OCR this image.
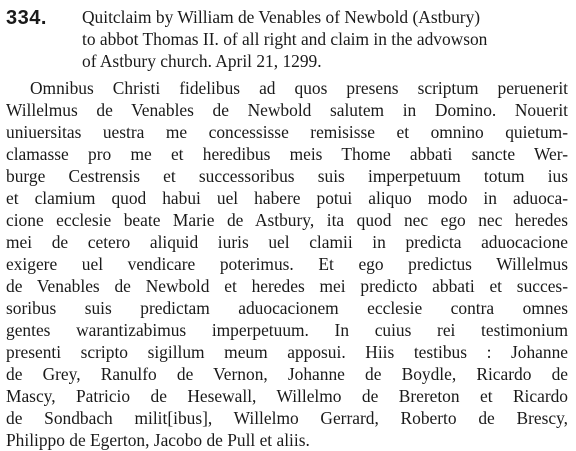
334. Quitclaim by William de Venables of Newbold (Astbury)
to abbot Thomas II. of all right and claim in the advowson
of Astbury church. April 21, 1299.
Omnibus Christi fidelibus ad quos presens scriptum peruenerit
Willelmus de Venables de Newbold salutem in Domino. Nouerit
uniuersitas uestra me concessisse remisisse et omnino quietum-
clamasse pro me et heredibus meis Thome abbati sancte Wer-
burge Cestrensis et successoribus suis imperpetuum totum ius
et clamium quod habui uel habere potui aliquo modo in aduoca-
cione ecclesie beate Marie de Astbury, ita quod nec ego nec heredes
mei de cetero aliquid iuris uel clamii in predicta aduocacione
exigere uel vendicare poterimus. Et ego predictus Willelmus
de Venables de Newbold et heredes mei predicto abbati et succes-
soribus suis predictam aduocacionem ecclesie contra omnes
gentes warantizabimus imperpetuum. In cuius rei testimonium
presenti scripto sigillum meum apposui. Hiis testibus : Johanne
de Grey, Ranulfo de Vernon, Johanne de Boydle, Ricardo de
Mascy, Patricio de Hesewall, Willelmo de Brereton et Ricardo
de Sondbach milit[ibus], Willelmo Gerrard, Roberto de Brescy,
Philippo de Egerton, Jacobo de Pull et aliis.
